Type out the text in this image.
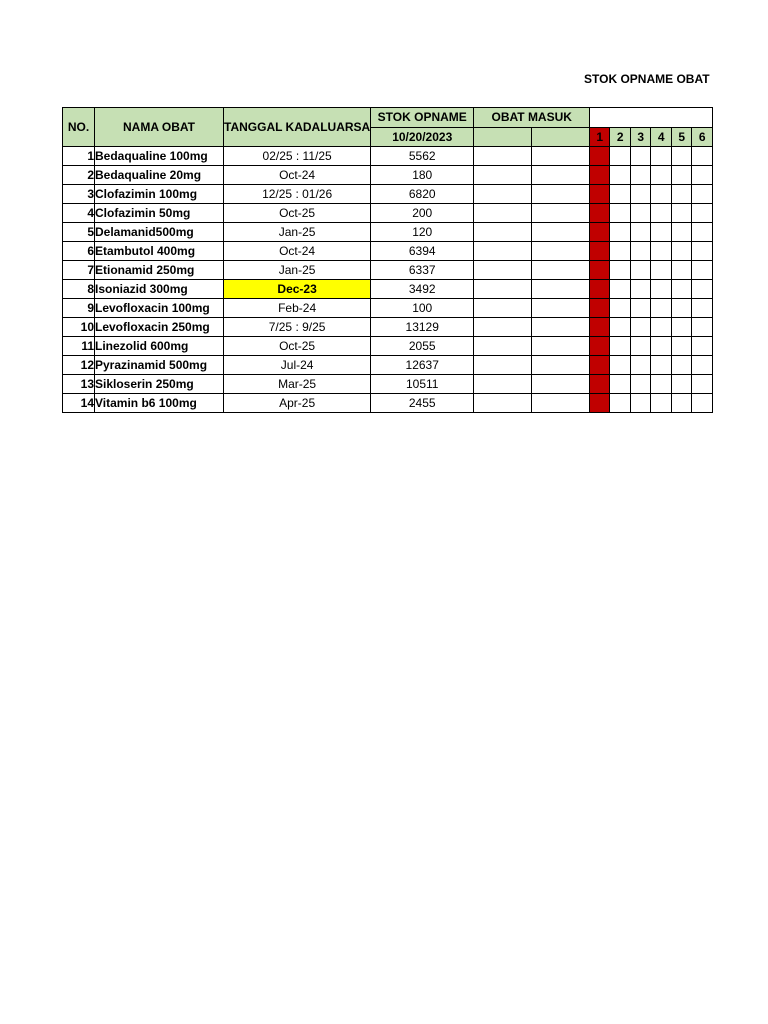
STOK OPNAME OBAT
NO.	NAMA OBAT	TANGGAL KADALUARSA	STOK OPNAME	OBAT MASUK							
			10/20/2023			1	2	3	4	5	6
1	Bedaqualine 100mg	02/25 : 11/25	5562								
2	Bedaqualine 20mg	Oct-24	180								
3	Clofazimin 100mg	12/25 : 01/26	6820								
4	Clofazimin 50mg	Oct-25	200								
5	Delamanid500mg	Jan-25	120								
6	Etambutol 400mg	Oct-24	6394								
7	Etionamid 250mg	Jan-25	6337								
8	Isoniazid 300mg	Dec-23	3492								
9	Levofloxacin 100mg	Feb-24	100								
10	Levofloxacin 250mg	7/25 : 9/25	13129								
11	Linezolid 600mg	Oct-25	2055								
12	Pyrazinamid 500mg	Jul-24	12637								
13	Sikloserin 250mg	Mar-25	10511								
14	Vitamin b6 100mg	Apr-25	2455								
